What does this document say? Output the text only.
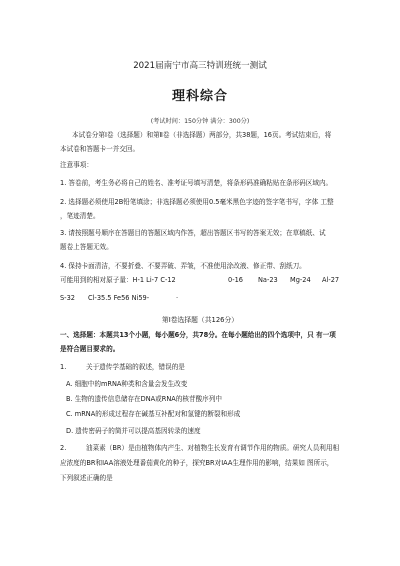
2021届南宁市高三特训班统一测试
理科综合
(考试时间：150分钟 满分：300分)
本试卷分第Ⅰ卷（选择题）和第Ⅱ卷（非选择题）两部分，共38题，16页。考试结束后，将
本试卷和答题卡一并交回。
注意事项：
1. 答卷前，考生务必将自己的姓名、准考证号填写清楚，将条形码准确粘贴在条形码区域内。
2. 选择题必须使用2B铅笔填涂；非选择题必须使用0.5毫米黑色字迹的签字笔书写，字体 工整
，笔迹清楚。
3. 请按照题号顺序在答题目的答题区域内作答，超出答题区书写的答案无效；在草稿纸、试
题卷上答题无效。
4. 保持卡面清洁，不要折叠、不要弄破、弄皱，不准使用涂改液、修正带、刮纸刀。
可能用到的相对原子量：H-1 Li-7 C-12	0-16 Na-23 Mg-24 Al-27
S-32 Cl-35.5 Fe56 Ni59-	·
第Ⅰ卷选择题（共126分）
一、选择题：本题共13个小题，每小题6分，共78分。在每小题给出的四个选项中，只 有一项
是符合题目要求的。
1.	关于遗传学基础的叙述，错误的是
A. 细胞中的mRNA种类和含量会发生改变
B. 生物的遗传信息储存在DNA或RNA的核苷酸序列中
C. mRNA的形成过程存在碱基互补配对和氢键的断裂和形成
D. 遗传密码子的简并可以提高基因转录的速度
2.	油菜素（BR）是由植物体内产生、对植物生长发育有调节作用的物质。研究人员利用相
应浓度的BR和IAA溶液处理番茄黄化的种子，探究BR对IAA生理作用的影响，结果如 图所示，
下列叙述正确的是
